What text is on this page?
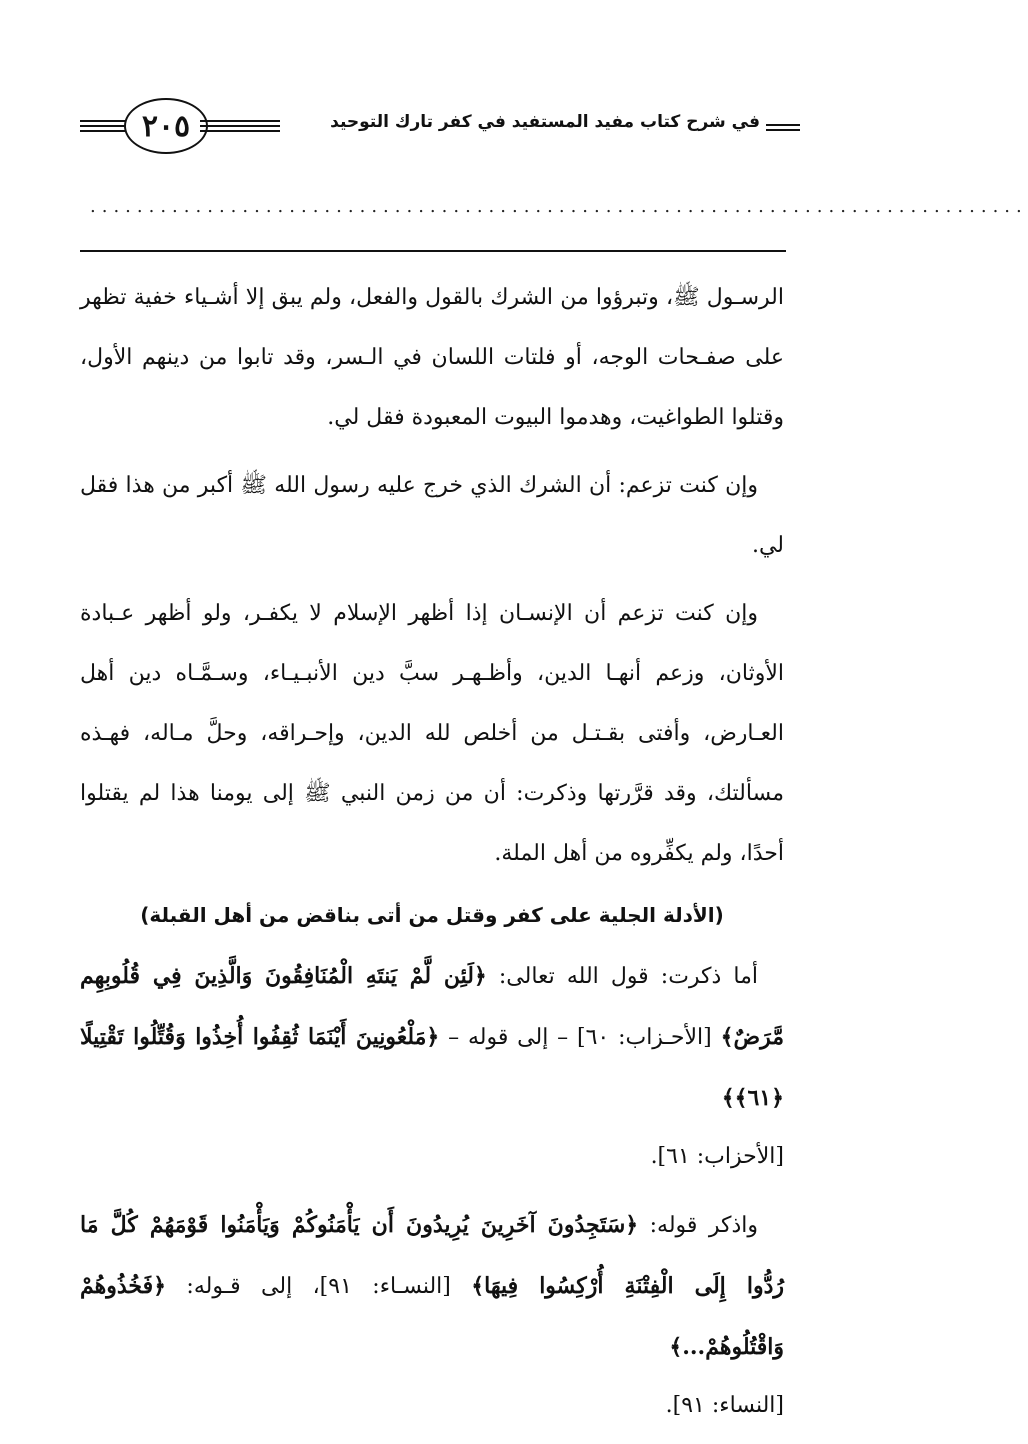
في شرح كتاب مفيد المستفيد في كفر تارك التوحيد
٢٠٥
................................................................................

الرسـول ﷺ، وتبرؤوا من الشرك بالقول والفعل، ولم يبق إلا أشـياء خفية تظهر على صفـحات الوجه، أو فلتات اللسان في الـسر، وقد تابوا من دينهم الأول، وقتلوا الطواغيت، وهدموا البيوت المعبودة فقل لي.

وإن كنت تزعم: أن الشرك الذي خرج عليه رسول الله ﷺ أكبر من هذا فقل لي.

وإن كنت تزعم أن الإنسـان إذا أظهر الإسلام لا يكفـر، ولو أظهر عـبادة الأوثان، وزعم أنهـا الدين، وأظـهـر سبَّ دين الأنبـيـاء، وسـمَّـاه دين أهل العـارض، وأفتى بقـتـل من أخلص لله الدين، وإحـراقه، وحلَّ مـاله، فهـذه مسألتك، وقد قرَّرتها وذكرت: أن من زمن النبي ﷺ إلى يومنا هذا لم يقتلوا أحدًا، ولم يكفِّروه من أهل الملة.

(الأدلة الجلية على كفر وقتل من أتى بناقض من أهل القبلة)

أما ذكرت: قول الله تعالى: ﴿لَئِن لَّمْ يَنتَهِ الْمُنَافِقُونَ وَالَّذِينَ فِي قُلُوبِهِم مَّرَضٌ﴾ [الأحـزاب: ٦٠] – إلى قوله – ﴿مَلْعُونِينَ أَيْنَمَا ثُقِفُوا أُخِذُوا وَقُتِّلُوا تَقْتِيلًا ﴿٦١﴾﴾

[الأحزاب: ٦١].

واذكر قوله: ﴿سَتَجِدُونَ آخَرِينَ يُرِيدُونَ أَن يَأْمَنُوكُمْ وَيَأْمَنُوا قَوْمَهُمْ كُلَّ مَا رُدُّوا إِلَى الْفِتْنَةِ أُرْكِسُوا فِيهَا﴾ [النسـاء: ٩١]، إلى قـوله: ﴿فَخُذُوهُمْ وَاقْتُلُوهُمْ...﴾

[النساء: ٩١].
